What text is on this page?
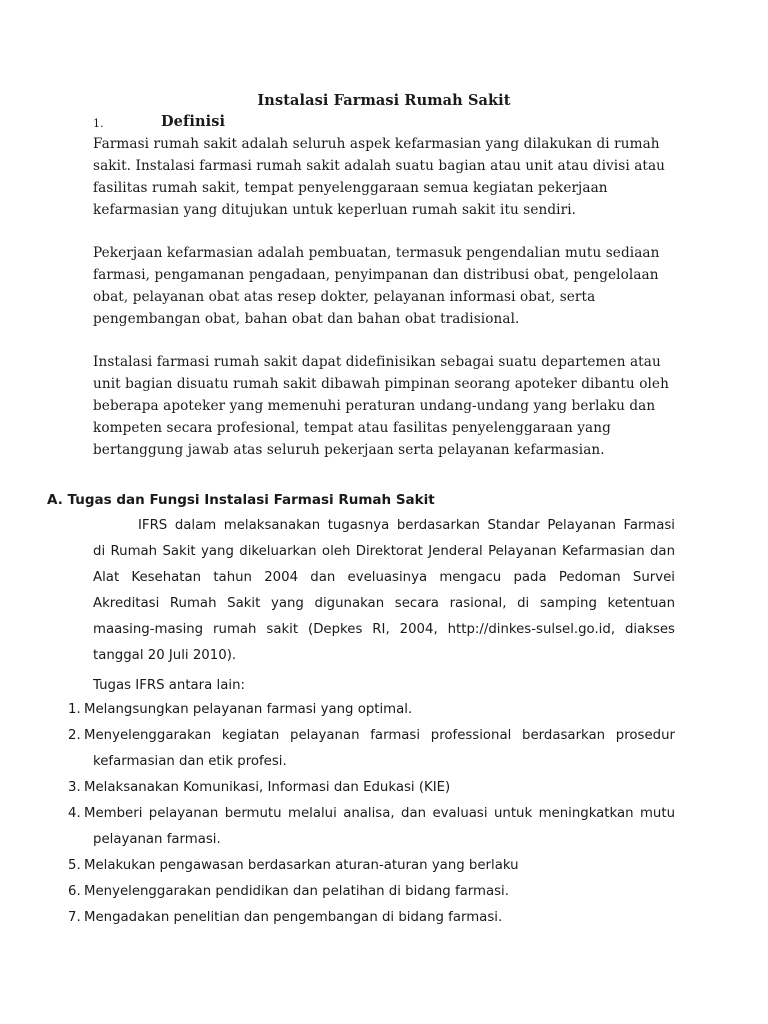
Instalasi Farmasi Rumah Sakit
1.	Definisi

Farmasi rumah sakit adalah seluruh aspek kefarmasian yang dilakukan di rumah
sakit. Instalasi farmasi rumah sakit adalah suatu bagian atau unit atau divisi atau
fasilitas rumah sakit, tempat penyelenggaraan semua kegiatan pekerjaan
kefarmasian yang ditujukan untuk keperluan rumah sakit itu sendiri.

Pekerjaan kefarmasian adalah pembuatan, termasuk pengendalian mutu sediaan
farmasi, pengamanan pengadaan, penyimpanan dan distribusi obat, pengelolaan
obat, pelayanan obat atas resep dokter, pelayanan informasi obat, serta
pengembangan obat, bahan obat dan bahan obat tradisional.

Instalasi farmasi rumah sakit dapat didefinisikan sebagai suatu departemen atau
unit bagian disuatu rumah sakit dibawah pimpinan seorang apoteker dibantu oleh
beberapa apoteker yang memenuhi peraturan undang-undang yang berlaku dan
kompeten secara profesional, tempat atau fasilitas penyelenggaraan yang
bertanggung jawab atas seluruh pekerjaan serta pelayanan kefarmasian.

A. Tugas dan Fungsi Instalasi Farmasi Rumah Sakit
IFRS dalam melaksanakan tugasnya berdasarkan Standar Pelayanan Farmasi
di Rumah Sakit yang dikeluarkan oleh Direktorat Jenderal Pelayanan Kefarmasian dan
Alat Kesehatan tahun 2004 dan eveluasinya mengacu pada Pedoman Survei
Akreditasi Rumah Sakit yang digunakan secara rasional, di samping ketentuan
maasing-masing rumah sakit (Depkes RI, 2004, http://dinkes-sulsel.go.id, diakses
tanggal 20 Juli 2010).
Tugas IFRS antara lain:
1. Melangsungkan pelayanan farmasi yang optimal.
2. Menyelenggarakan kegiatan pelayanan farmasi professional berdasarkan prosedur
kefarmasian dan etik profesi.
3. Melaksanakan Komunikasi, Informasi dan Edukasi (KIE)
4. Memberi pelayanan bermutu melalui analisa, dan evaluasi untuk meningkatkan mutu
pelayanan farmasi.
5. Melakukan pengawasan berdasarkan aturan-aturan yang berlaku
6. Menyelenggarakan pendidikan dan pelatihan di bidang farmasi.
7. Mengadakan penelitian dan pengembangan di bidang farmasi.
